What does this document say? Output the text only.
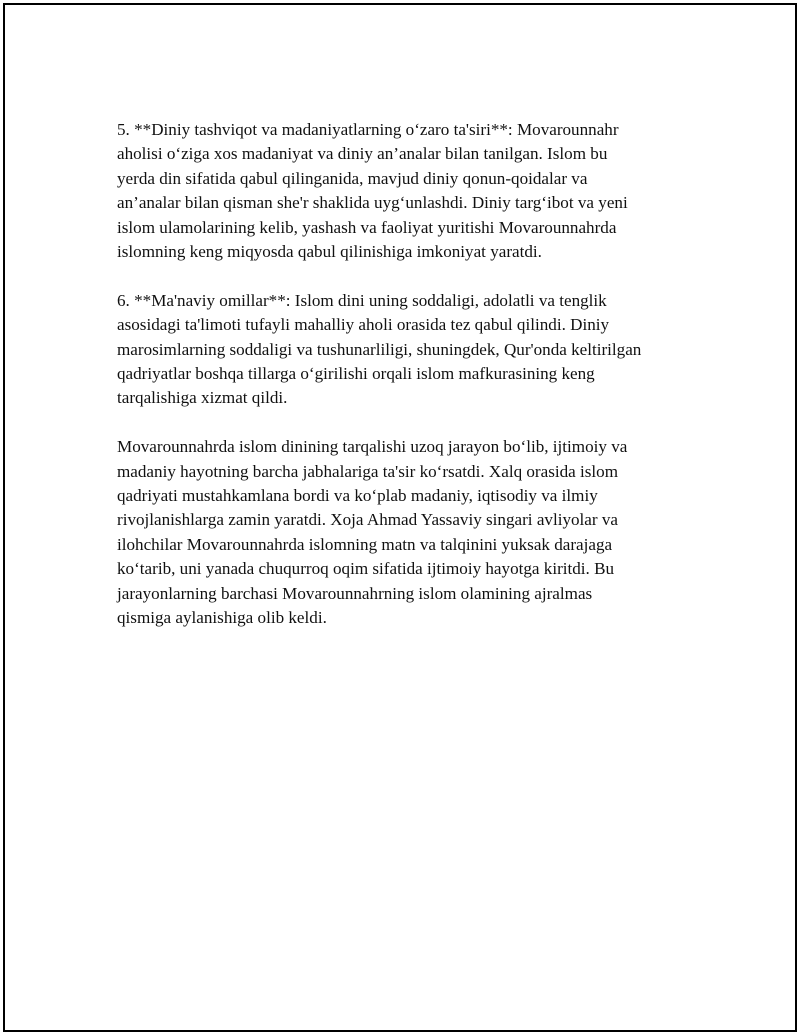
5. **Diniy tashviqot va madaniyatlarning o‘zaro ta'siri**: Movarounnahr
aholisi o‘ziga xos madaniyat va diniy an’analar bilan tanilgan. Islom bu
yerda din sifatida qabul qilinganida, mavjud diniy qonun-qoidalar va
an’analar bilan qisman she'r shaklida uyg‘unlashdi. Diniy targ‘ibot va yeni
islom ulamolarining kelib, yashash va faoliyat yuritishi Movarounnahrda
islomning keng miqyosda qabul qilinishiga imkoniyat yaratdi.

6. **Ma'naviy omillar**: Islom dini uning soddaligi, adolatli va tenglik
asosidagi ta'limoti tufayli mahalliy aholi orasida tez qabul qilindi. Diniy
marosimlarning soddaligi va tushunarliligi, shuningdek, Qur'onda keltirilgan
qadriyatlar boshqa tillarga o‘girilishi orqali islom mafkurasining keng
tarqalishiga xizmat qildi.

Movarounnahrda islom dinining tarqalishi uzoq jarayon bo‘lib, ijtimoiy va
madaniy hayotning barcha jabhalariga ta'sir ko‘rsatdi. Xalq orasida islom
qadriyati mustahkamlana bordi va ko‘plab madaniy, iqtisodiy va ilmiy
rivojlanishlarga zamin yaratdi. Xoja Ahmad Yassaviy singari avliyolar va
ilohchilar Movarounnahrda islomning matn va talqinini yuksak darajaga
ko‘tarib, uni yanada chuqurroq oqim sifatida ijtimoiy hayotga kiritdi. Bu
jarayonlarning barchasi Movarounnahrning islom olamining ajralmas
qismiga aylanishiga olib keldi.
